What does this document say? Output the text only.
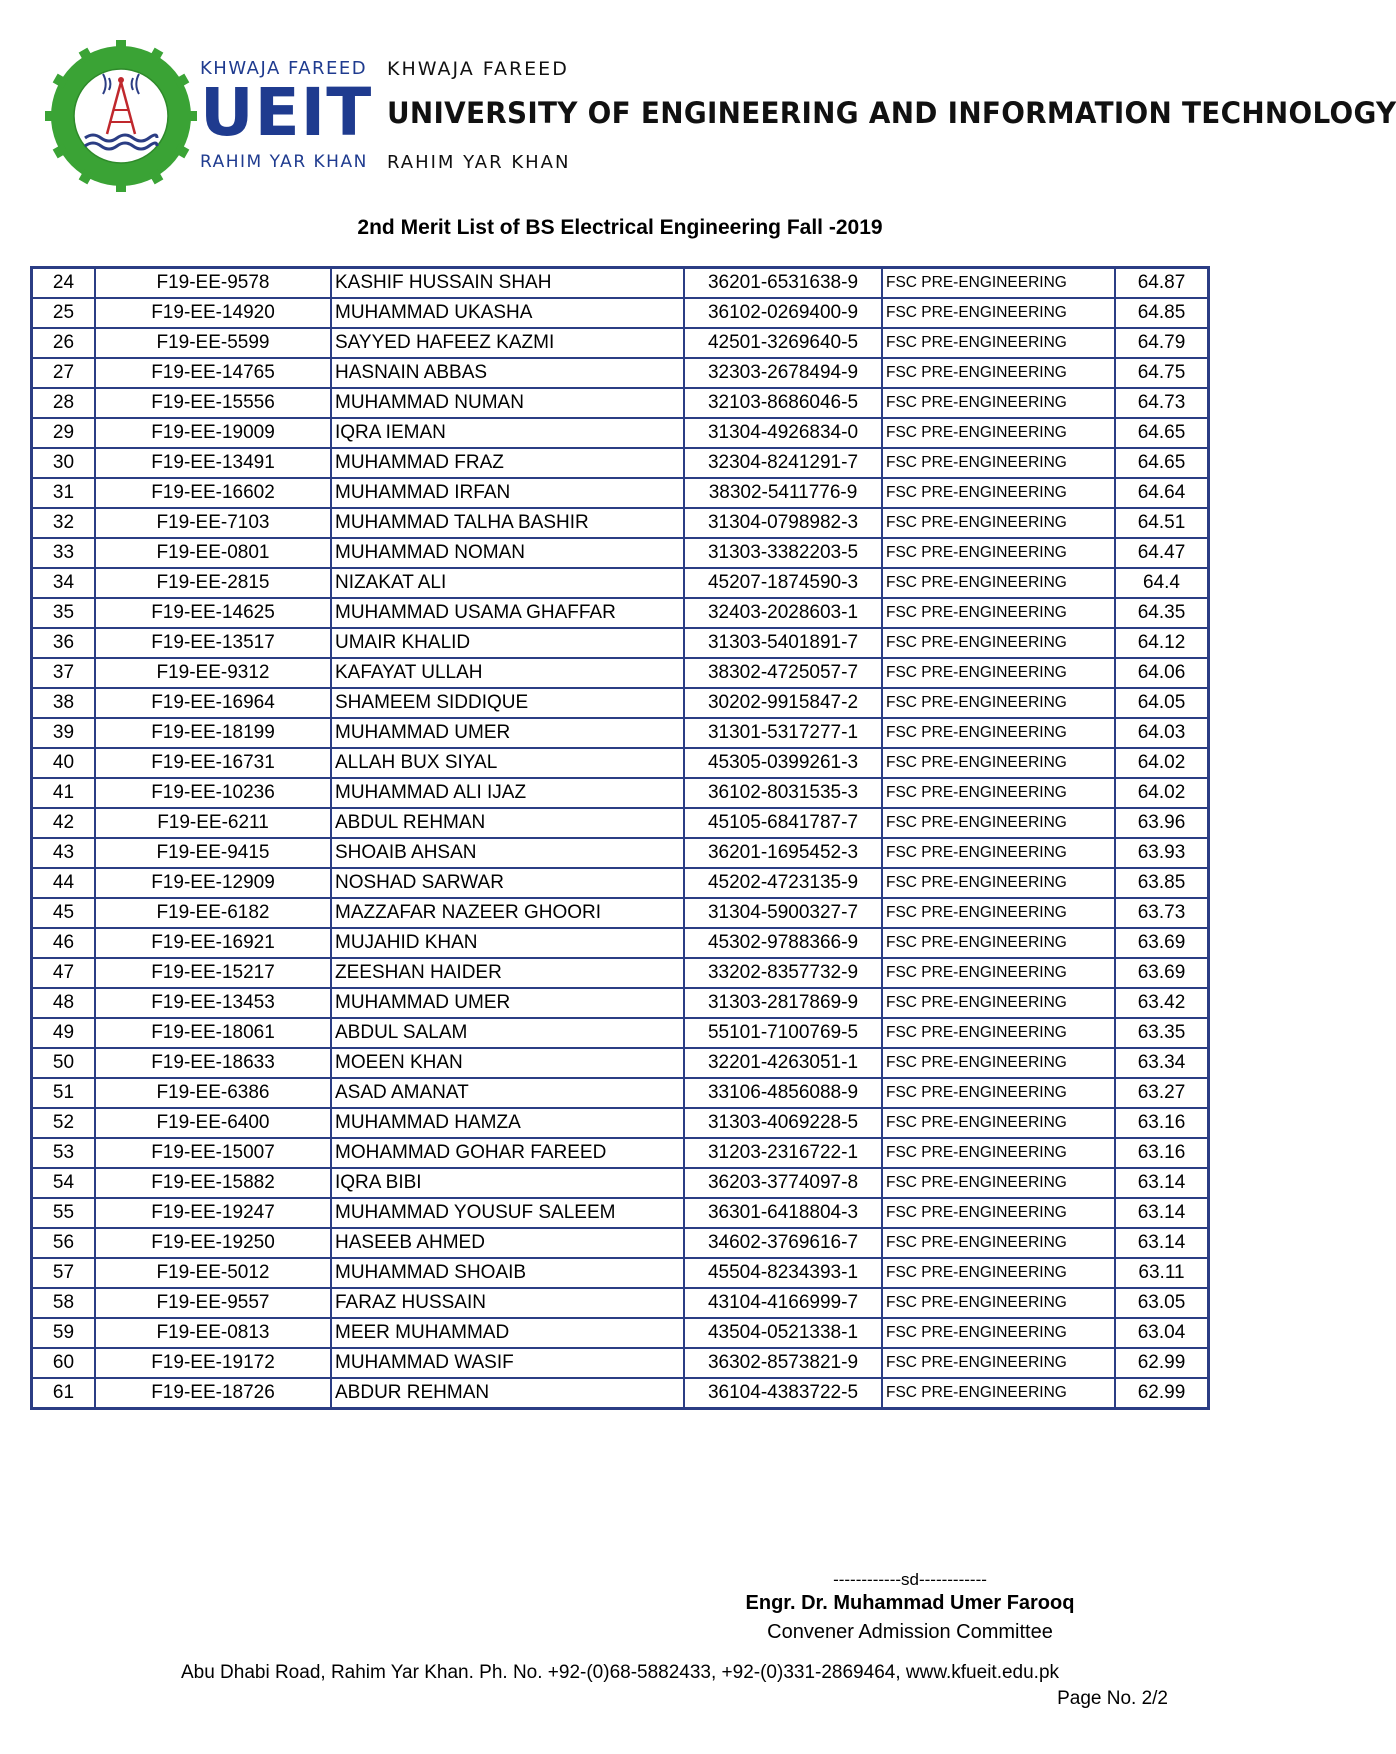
KHWAJA FAREED
UEIT
RAHIM YAR KHAN
KHWAJA FAREED
UNIVERSITY OF ENGINEERING AND INFORMATION TECHNOLOGY
RAHIM YAR KHAN
2nd Merit List of BS Electrical Engineering Fall -2019
24	F19-EE-9578	KASHIF HUSSAIN SHAH	36201-6531638-9	FSC PRE-ENGINEERING	64.87
25	F19-EE-14920	MUHAMMAD UKASHA	36102-0269400-9	FSC PRE-ENGINEERING	64.85
26	F19-EE-5599	SAYYED HAFEEZ KAZMI	42501-3269640-5	FSC PRE-ENGINEERING	64.79
27	F19-EE-14765	HASNAIN ABBAS	32303-2678494-9	FSC PRE-ENGINEERING	64.75
28	F19-EE-15556	MUHAMMAD NUMAN	32103-8686046-5	FSC PRE-ENGINEERING	64.73
29	F19-EE-19009	IQRA IEMAN	31304-4926834-0	FSC PRE-ENGINEERING	64.65
30	F19-EE-13491	MUHAMMAD FRAZ	32304-8241291-7	FSC PRE-ENGINEERING	64.65
31	F19-EE-16602	MUHAMMAD IRFAN	38302-5411776-9	FSC PRE-ENGINEERING	64.64
32	F19-EE-7103	MUHAMMAD TALHA BASHIR	31304-0798982-3	FSC PRE-ENGINEERING	64.51
33	F19-EE-0801	MUHAMMAD NOMAN	31303-3382203-5	FSC PRE-ENGINEERING	64.47
34	F19-EE-2815	NIZAKAT ALI	45207-1874590-3	FSC PRE-ENGINEERING	64.4
35	F19-EE-14625	MUHAMMAD USAMA GHAFFAR	32403-2028603-1	FSC PRE-ENGINEERING	64.35
36	F19-EE-13517	UMAIR KHALID	31303-5401891-7	FSC PRE-ENGINEERING	64.12
37	F19-EE-9312	KAFAYAT ULLAH	38302-4725057-7	FSC PRE-ENGINEERING	64.06
38	F19-EE-16964	SHAMEEM SIDDIQUE	30202-9915847-2	FSC PRE-ENGINEERING	64.05
39	F19-EE-18199	MUHAMMAD UMER	31301-5317277-1	FSC PRE-ENGINEERING	64.03
40	F19-EE-16731	ALLAH BUX SIYAL	45305-0399261-3	FSC PRE-ENGINEERING	64.02
41	F19-EE-10236	MUHAMMAD ALI IJAZ	36102-8031535-3	FSC PRE-ENGINEERING	64.02
42	F19-EE-6211	ABDUL REHMAN	45105-6841787-7	FSC PRE-ENGINEERING	63.96
43	F19-EE-9415	SHOAIB AHSAN	36201-1695452-3	FSC PRE-ENGINEERING	63.93
44	F19-EE-12909	NOSHAD SARWAR	45202-4723135-9	FSC PRE-ENGINEERING	63.85
45	F19-EE-6182	MAZZAFAR NAZEER GHOORI	31304-5900327-7	FSC PRE-ENGINEERING	63.73
46	F19-EE-16921	MUJAHID KHAN	45302-9788366-9	FSC PRE-ENGINEERING	63.69
47	F19-EE-15217	ZEESHAN HAIDER	33202-8357732-9	FSC PRE-ENGINEERING	63.69
48	F19-EE-13453	MUHAMMAD UMER	31303-2817869-9	FSC PRE-ENGINEERING	63.42
49	F19-EE-18061	ABDUL SALAM	55101-7100769-5	FSC PRE-ENGINEERING	63.35
50	F19-EE-18633	MOEEN KHAN	32201-4263051-1	FSC PRE-ENGINEERING	63.34
51	F19-EE-6386	ASAD AMANAT	33106-4856088-9	FSC PRE-ENGINEERING	63.27
52	F19-EE-6400	MUHAMMAD HAMZA	31303-4069228-5	FSC PRE-ENGINEERING	63.16
53	F19-EE-15007	MOHAMMAD GOHAR FAREED	31203-2316722-1	FSC PRE-ENGINEERING	63.16
54	F19-EE-15882	IQRA BIBI	36203-3774097-8	FSC PRE-ENGINEERING	63.14
55	F19-EE-19247	MUHAMMAD YOUSUF SALEEM	36301-6418804-3	FSC PRE-ENGINEERING	63.14
56	F19-EE-19250	HASEEB AHMED	34602-3769616-7	FSC PRE-ENGINEERING	63.14
57	F19-EE-5012	MUHAMMAD SHOAIB	45504-8234393-1	FSC PRE-ENGINEERING	63.11
58	F19-EE-9557	FARAZ HUSSAIN	43104-4166999-7	FSC PRE-ENGINEERING	63.05
59	F19-EE-0813	MEER MUHAMMAD	43504-0521338-1	FSC PRE-ENGINEERING	63.04
60	F19-EE-19172	MUHAMMAD WASIF	36302-8573821-9	FSC PRE-ENGINEERING	62.99
61	F19-EE-18726	ABDUR REHMAN	36104-4383722-5	FSC PRE-ENGINEERING	62.99
------------sd------------
Engr. Dr. Muhammad Umer Farooq
Convener Admission Committee
Abu Dhabi Road, Rahim Yar Khan. Ph. No. +92-(0)68-5882433, +92-(0)331-2869464, www.kfueit.edu.pk
Page No. 2/2
